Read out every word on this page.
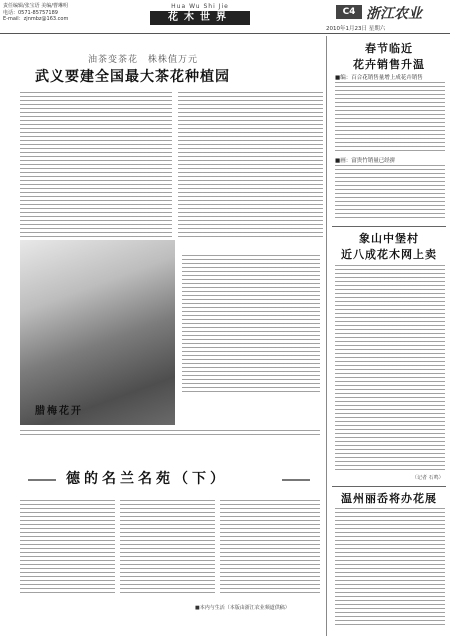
责任编辑/张宝语 美编/曹琳明
电话：0571-85757189
E-mail：zjnmbz@163.com
Hua Wu Shi Jie
花木世界	C4 浙江农业
2010年1月23日 星期六
油茶变茶花　株株值万元
武义要建全国最大茶花种植园
腊梅花开
德的名兰名苑（下）
■本内与生活（本版由浙江农业频道供稿）
春节临近
花卉销售升温
■编：百合花销售量增上成花卉销售
■画：富贵竹销量已经拼
象山中堡村
近八成花木网上卖
（记者 石鸣）
温州丽岙将办花展
